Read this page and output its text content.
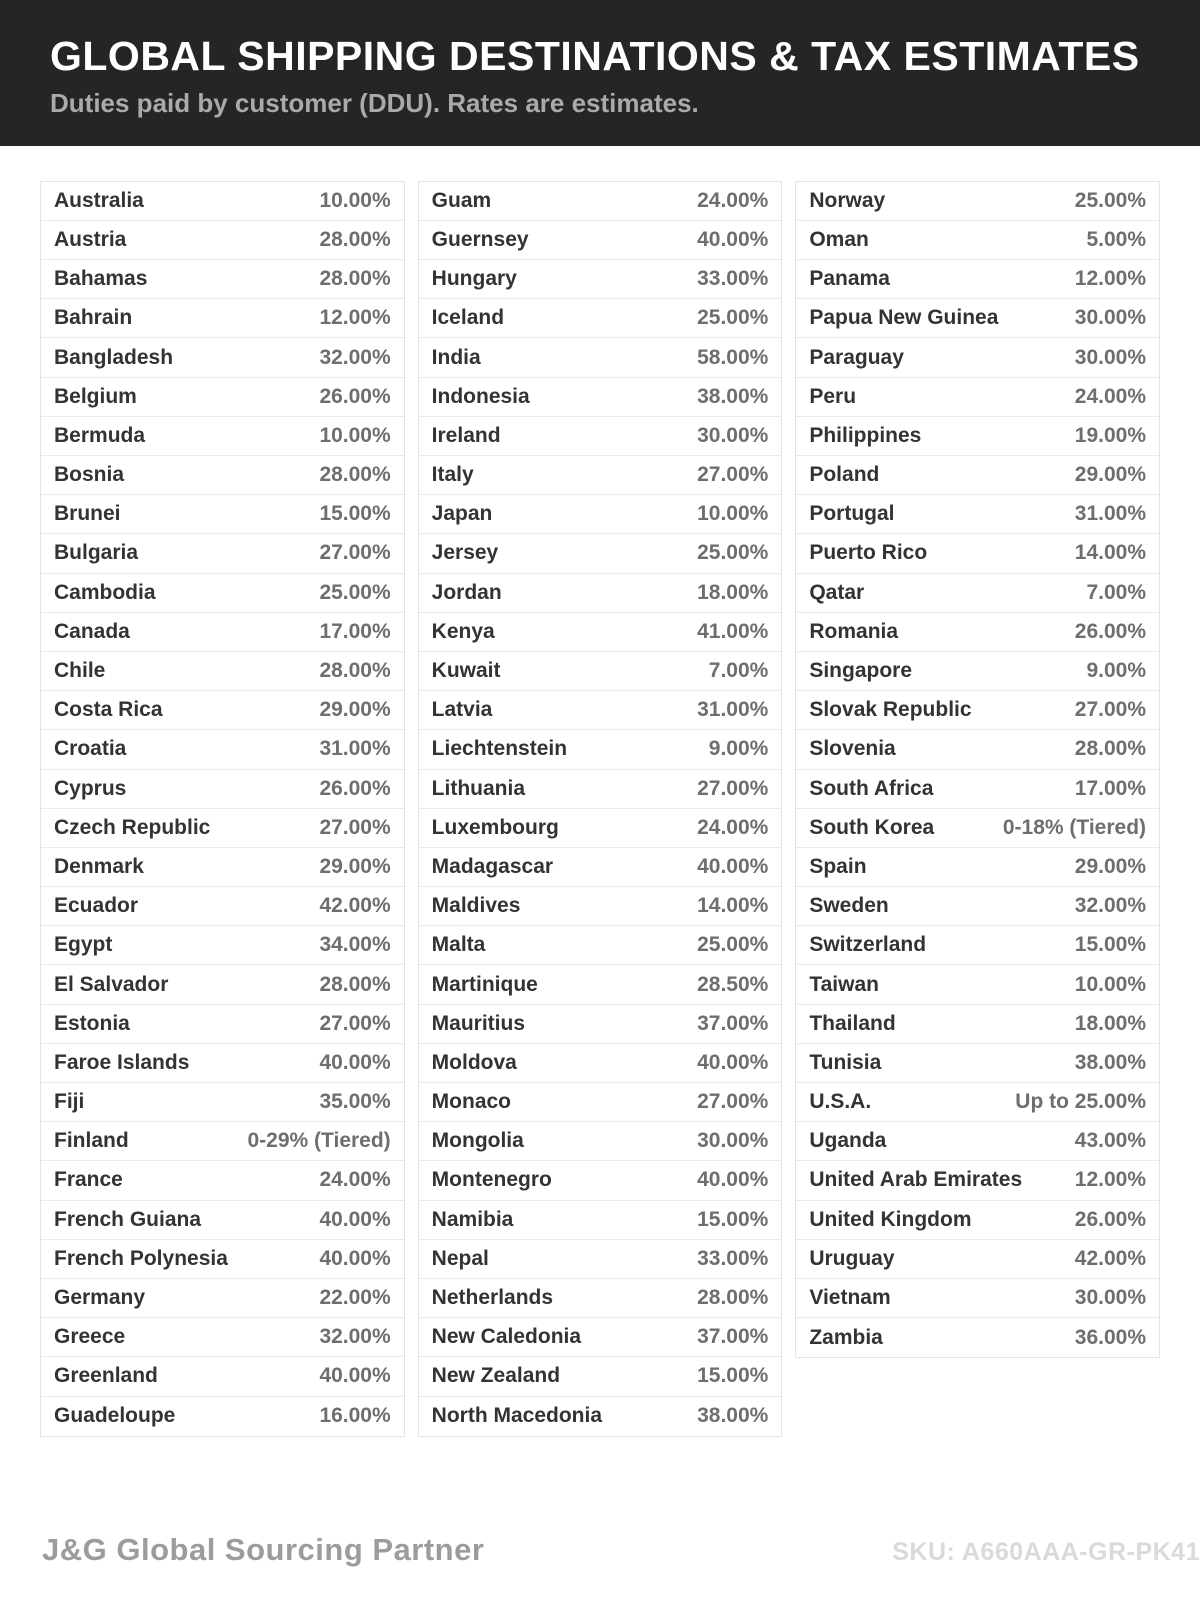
GLOBAL SHIPPING DESTINATIONS & TAX ESTIMATES

Duties paid by customer (DDU). Rates are estimates.

Australia	10.00%
Austria	28.00%
Bahamas	28.00%
Bahrain	12.00%
Bangladesh	32.00%
Belgium	26.00%
Bermuda	10.00%
Bosnia	28.00%
Brunei	15.00%
Bulgaria	27.00%
Cambodia	25.00%
Canada	17.00%
Chile	28.00%
Costa Rica	29.00%
Croatia	31.00%
Cyprus	26.00%
Czech Republic	27.00%
Denmark	29.00%
Ecuador	42.00%
Egypt	34.00%
El Salvador	28.00%
Estonia	27.00%
Faroe Islands	40.00%
Fiji	35.00%
Finland	0-29% (Tiered)
France	24.00%
French Guiana	40.00%
French Polynesia	40.00%
Germany	22.00%
Greece	32.00%
Greenland	40.00%
Guadeloupe	16.00%
Guam	24.00%
Guernsey	40.00%
Hungary	33.00%
Iceland	25.00%
India	58.00%
Indonesia	38.00%
Ireland	30.00%
Italy	27.00%
Japan	10.00%
Jersey	25.00%
Jordan	18.00%
Kenya	41.00%
Kuwait	7.00%
Latvia	31.00%
Liechtenstein	9.00%
Lithuania	27.00%
Luxembourg	24.00%
Madagascar	40.00%
Maldives	14.00%
Malta	25.00%
Martinique	28.50%
Mauritius	37.00%
Moldova	40.00%
Monaco	27.00%
Mongolia	30.00%
Montenegro	40.00%
Namibia	15.00%
Nepal	33.00%
Netherlands	28.00%
New Caledonia	37.00%
New Zealand	15.00%
North Macedonia	38.00%
Norway	25.00%
Oman	5.00%
Panama	12.00%
Papua New Guinea	30.00%
Paraguay	30.00%
Peru	24.00%
Philippines	19.00%
Poland	29.00%
Portugal	31.00%
Puerto Rico	14.00%
Qatar	7.00%
Romania	26.00%
Singapore	9.00%
Slovak Republic	27.00%
Slovenia	28.00%
South Africa	17.00%
South Korea	0-18% (Tiered)
Spain	29.00%
Sweden	32.00%
Switzerland	15.00%
Taiwan	10.00%
Thailand	18.00%
Tunisia	38.00%
U.S.A.	Up to 25.00%
Uganda	43.00%
United Arab Emirates	12.00%
United Kingdom	26.00%
Uruguay	42.00%
Vietnam	30.00%
Zambia	36.00%
J&G Global Sourcing Partner	SKU: A660AAA-GR-PK41
